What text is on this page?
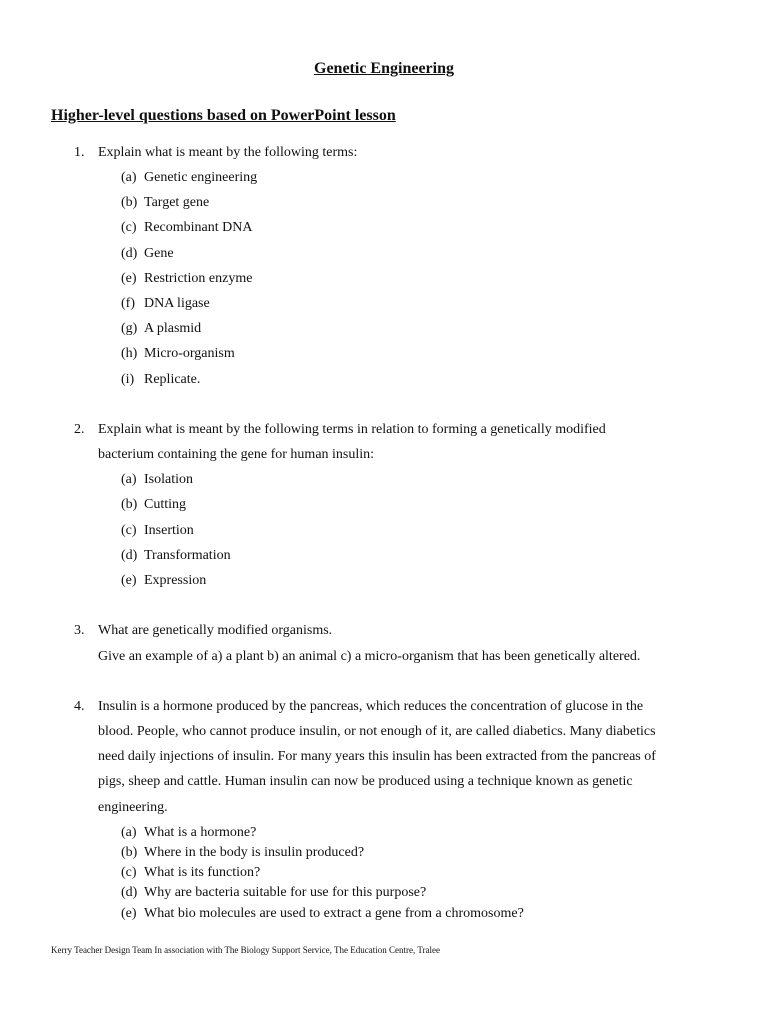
Genetic Engineering
Higher-level questions based on PowerPoint lesson
1. Explain what is meant by the following terms:
(a) Genetic engineering
(b) Target gene
(c) Recombinant DNA
(d) Gene
(e) Restriction enzyme
(f) DNA ligase
(g) A plasmid
(h) Micro-organism
(i) Replicate.
2. Explain what is meant by the following terms in relation to forming a genetically modified
bacterium containing the gene for human insulin:
(a) Isolation
(b) Cutting
(c) Insertion
(d) Transformation
(e) Expression
3. What are genetically modified organisms.
Give an example of a) a plant b) an animal c) a micro-organism that has been genetically altered.
4. Insulin is a hormone produced by the pancreas, which reduces the concentration of glucose in the
blood. People, who cannot produce insulin, or not enough of it, are called diabetics. Many diabetics
need daily injections of insulin. For many years this insulin has been extracted from the pancreas of
pigs, sheep and cattle. Human insulin can now be produced using a technique known as genetic
engineering.
(a) What is a hormone?
(b) Where in the body is insulin produced?
(c) What is its function?
(d) Why are bacteria suitable for use for this purpose?
(e) What bio molecules are used to extract a gene from a chromosome?

Kerry Teacher Design Team In association with The Biology Support Service, The Education Centre, Tralee
